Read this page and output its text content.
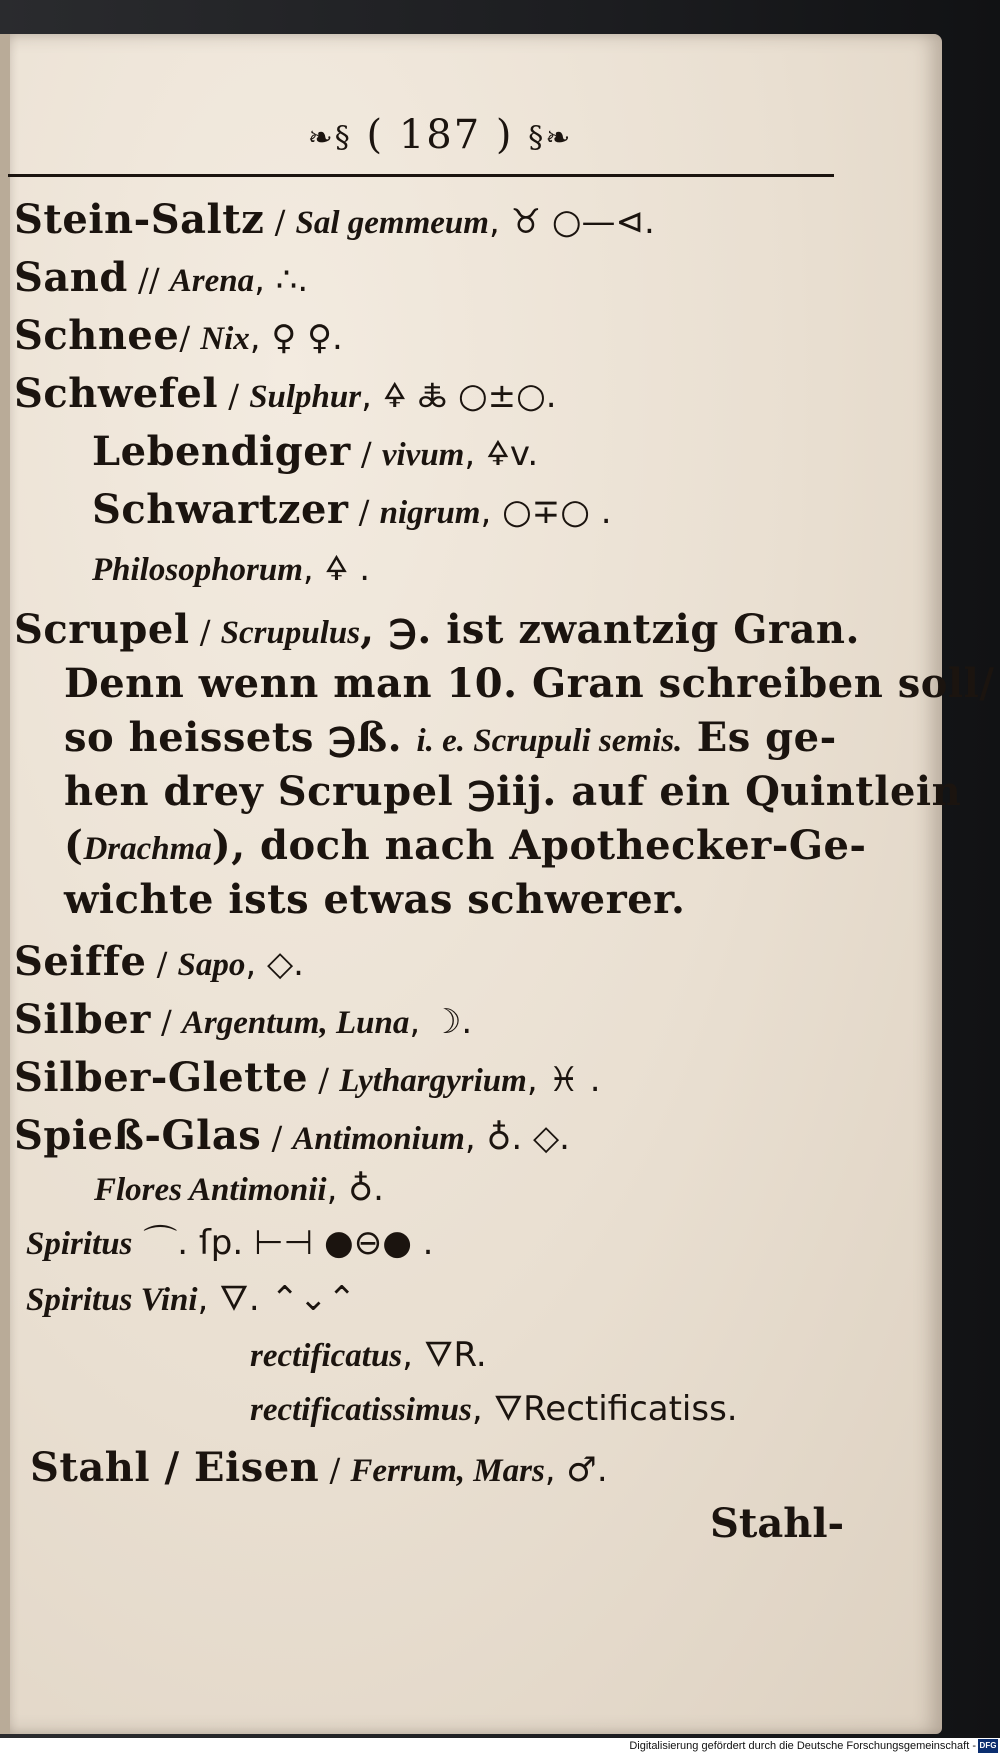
❧§ ( 187 ) §❧
Stein-Saltz / Sal gemmeum, ♉ ○—⊲.
Sand // Arena, ∴.
Schnee/ Nix, ♀ ♀.
Schwefel / Sulphur, 🜍 🜏 ○±○.
Lebendiger / vivum, 🜍v.
Schwartzer / nigrum, ○∓○ .
Philosophorum, 🜍 .
Scrupel / Scrupulus, ℈. ist zwantzig Gran.
Denn wenn man 10. Gran schreiben soll/
so heissets ℈ß. i. e. Scrupuli semis. Es ge-
hen drey Scrupel ℈iij. auf ein Quintlein
(Drachma), doch nach Apothecker-Ge-
wichte ists etwas schwerer.
Seiffe / Sapo, ◇.
Silber / Argentum, Luna, ☽.
Silber-Glette / Lythargyrium, ♓ .
Spieß-Glas / Antimonium, ♁. ◇.
Flores Antimonii, ♁.
Spiritus ⌒. ſp. ⊢⊣ ●⊖● .
Spiritus Vini, 🜄. ⌃⌄⌃
rectificatus, 🜄R.
rectificatissimus, 🜄Rectificatiss.
Stahl / Eisen / Ferrum, Mars, ♂.
Stahl-
Digitalisierung gefördert durch die Deutsche Forschungsgemeinschaft - DFG
